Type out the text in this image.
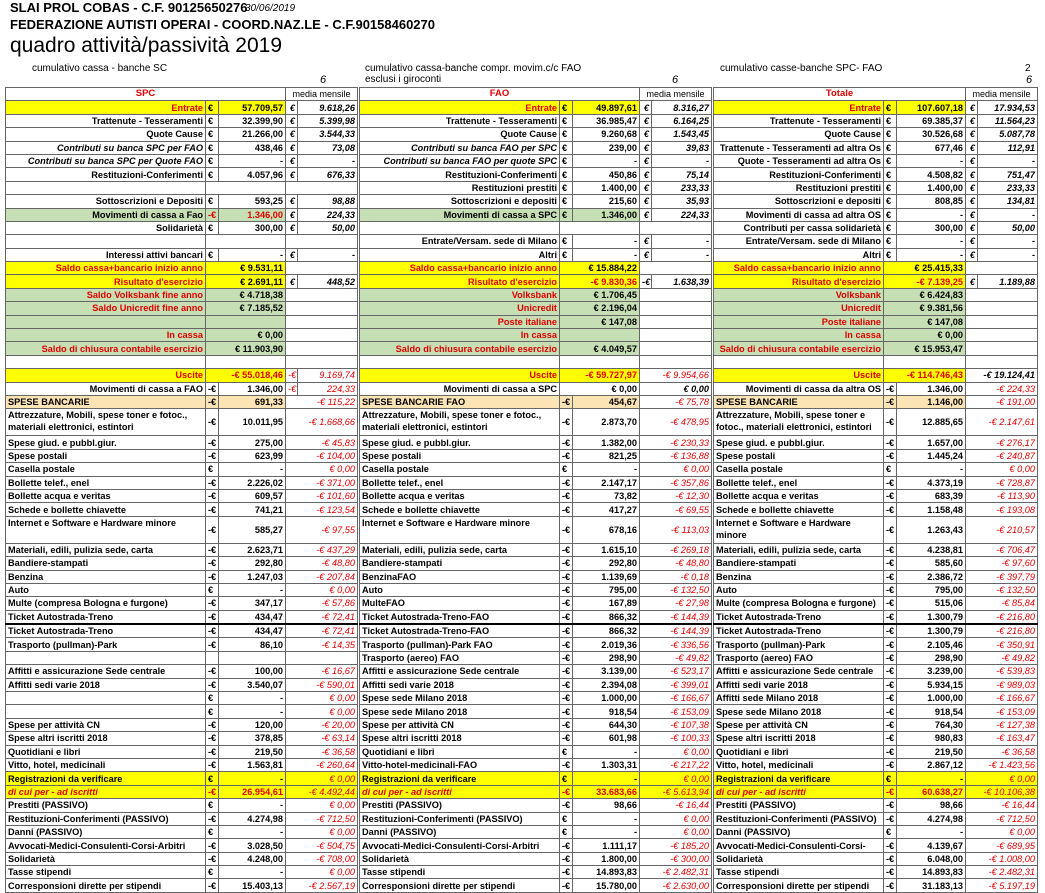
SLAI PROL COBAS - C.F. 90125650276
30/06/2019
FEDERAZIONE AUTISTI OPERAI - COORD.NAZ.LE - C.F.90158460270
quadro attività/passività 2019
cumulativo cassa - banche SC	cumulativo cassa-banche compr. movim.c/c FAO
esclusi i giroconti
cumulativo casse-banche SPC- FAO	2
6	6	6
SPC			media mensile	
Entrate	€	57.709,57	€	9.618,26
Trattenute - Tesseramenti	€	32.399,90	€	5.399,98
Quote Cause	€	21.266,00	€	3.544,33
Contributi su banca SPC per FAO	€	438,46	€	73,08
Contributi su banca SPC per Quote FAO	€	-	€	-
Restituzioni-Conferimenti	€	4.057,96	€	676,33

Sottoscrizioni e Depositi	€	593,25	€	98,88
Movimenti di cassa a Fao	-€	1.346,00	€	224,33
Solidarietà	€	300,00	€	50,00

Interessi attivi bancari	€	-	€	-
Saldo cassa+bancario inizio anno	€ 9.531,11			
Risultato d'esercizio	€ 2.691,11		€	448,52
Saldo Volksbank fine anno	€ 4.718,38			
Saldo Unicredit fine anno	€ 7.185,52			

In cassa	€ 0,00			
Saldo di chiusura contabile esercizio	€ 11.903,90			

Uscite	-€ 55.018,46		-€	9.169,74
Movimenti di cassa a FAO	-€	1.346,00	-€	224,33
SPESE BANCARIE	-€	691,33	-€ 115,22	
Attrezzature, Mobili, spese toner e fotoc., materiali elettronici, estintori	-€	10.011,95	-€ 1.668,66	
Spese giud. e pubbl.giur.	-€	275,00	-€ 45,83	
Spese postali	-€	623,99	-€ 104,00	
Casella postale	€	-	€ 0,00	
Bollette telef., enel	-€	2.226,02	-€ 371,00	
Bollette acqua e veritas	-€	609,57	-€ 101,60	
Schede e bollette chiavette	-€	741,21	-€ 123,54	
Internet e Software e Hardware minore	-€	585,27	-€ 97,55	
Materiali, edili, pulizia sede, carta	-€	2.623,71	-€ 437,29	
Bandiere-stampati	-€	292,80	-€ 48,80	
Benzina	-€	1.247,03	-€ 207,84	
Auto	€	-	€ 0,00	
Multe (compresa Bologna e furgone)	-€	347,17	-€ 57,86	
Ticket Autostrada-Treno	-€	434,47	-€ 72,41	
Ticket Autostrada-Treno	-€	434,47	-€ 72,41	
Trasporto (pullman)-Park	-€	86,10	-€ 14,35	

Affitti e assicurazione Sede centrale	-€	100,00	-€ 16,67	
Affitti sedi varie 2018	-€	3.540,07	-€ 590,01	
	€	-	€ 0,00	
	€	-	€ 0,00	
Spese per attività CN	-€	120,00	-€ 20,00	
Spese altri iscritti 2018	-€	378,85	-€ 63,14	
Quotidiani e libri	-€	219,50	-€ 36,58	
Vitto, hotel, medicinali	-€	1.563,81	-€ 260,64	
Registrazioni da verificare	€	-	€ 0,00	
di cui per - ad iscritti	-€	26.954,61	-€ 4.492,44	
Prestiti (PASSIVO)	€	-	€ 0,00	
Restituzioni-Conferimenti (PASSIVO)	-€	4.274,98	-€ 712,50	
Danni (PASSIVO)	€	-	€ 0,00	
Avvocati-Medici-Consulenti-Corsi-Arbitri	-€	3.028,50	-€ 504,75	
Solidarietà	-€	4.248,00	-€ 708,00	
Tasse stipendi	€	-	€ 0,00	
Corresponsioni dirette per stipendi	-€	15.403,13	-€ 2.567,19	
FAO			media mensile	
Entrate	€	49.897,61	€	8.316,27
Trattenute - Tesseramenti	€	36.985,47	€	6.164,25
Quote Cause	€	9.260,68	€	1.543,45
Contributi su banca FAO per SPC	€	239,00	€	39,83
Contributi su banca FAO per quote SPC	€	-	€	-
Restituzioni-Conferimenti	€	450,86	€	75,14
Restituzioni prestiti	€	1.400,00	€	233,33
Sottoscrizioni e depositi	€	215,60	€	35,93
Movimenti di cassa a SPC	€	1.346,00	€	224,33

Entrate/Versam. sede di Milano	€	-	€	-
Altri	€	-	€	-
Saldo cassa+bancario inizio anno	€ 15.884,22			
Risultato d'esercizio	-€ 9.830,36		-€	1.638,39
Volksbank	€ 1.706,45			
Unicredit	€ 2.196,04			
Poste italiane	€ 147,08			
In cassa				
Saldo di chiusura contabile esercizio	€ 4.049,57			

Uscite	-€ 59.727,97		-€ 9.954,66	
Movimenti di cassa a SPC	€ 0,00		€ 0,00	
SPESE BANCARIE FAO	-€	454,67	-€ 75,78	
Attrezzature, Mobili, spese toner e fotoc., materiali elettronici, estintori	-€	2.873,70	-€ 478,95	
Spese giud. e pubbl.giur.	-€	1.382,00	-€ 230,33	
Spese postali	-€	821,25	-€ 136,88	
Casella postale	€	-	€ 0,00	
Bollette telef., enel	-€	2.147,17	-€ 357,86	
Bollette acqua e veritas	-€	73,82	-€ 12,30	
Schede e bollette chiavette	-€	417,27	-€ 69,55	
Internet e Software e Hardware minore	-€	678,16	-€ 113,03	
Materiali, edili, pulizia sede, carta	-€	1.615,10	-€ 269,18	
Bandiere-stampati	-€	292,80	-€ 48,80	
BenzinaFAO	-€	1.139,69	-€ 0,18	
Auto	-€	795,00	-€ 132,50	
MulteFAO	-€	167,89	-€ 27,98	
Ticket Autostrada-Treno-FAO	-€	866,32	-€ 144,39	
Ticket Autostrada-Treno-FAO	-€	866,32	-€ 144,39	
Trasporto (pullman)-Park FAO	-€	2.019,36	-€ 336,56	
Trasporto (aereo) FAO	-€	298,90	-€ 49,82	
Affitti e assicurazione Sede centrale	-€	3.139,00	-€ 523,17	
Affitti sedi varie 2018	-€	2.394,08	-€ 399,01	
Spese sede Milano 2018	-€	1.000,00	-€ 166,67	
Spese sede Milano 2018	-€	918,54	-€ 153,09	
Spese per attività CN	-€	644,30	-€ 107,38	
Spese altri iscritti 2018	-€	601,98	-€ 100,33	
Quotidiani e libri	€	-	€ 0,00	
Vitto-hotel-medicinali-FAO	-€	1.303,31	-€ 217,22	
Registrazioni da verificare	€	-	€ 0,00	
di cui per - ad iscritti	-€	33.683,66	-€ 5.613,94	
Prestiti (PASSIVO)	-€	98,66	-€ 16,44	
Restituzioni-Conferimenti (PASSIVO)	€	-	€ 0,00	
Danni (PASSIVO)	€	-	€ 0,00	
Avvocati-Medici-Consulenti-Corsi-Arbitri	-€	1.111,17	-€ 185,20	
Solidarietà	-€	1.800,00	-€ 300,00	
Tasse stipendi	-€	14.893,83	-€ 2.482,31	
Corresponsioni dirette per stipendi	-€	15.780,00	-€ 2.630,00	
Totale			media mensile	
Entrate	€	107.607,18	€	17.934,53
Trattenute - Tesseramenti	€	69.385,37	€	11.564,23
Quote Cause	€	30.526,68	€	5.087,78
Trattenute - Tesseramenti ad altra Os	€	677,46	€	112,91
Quote - Tesseramenti ad altra Os	€	-	€	-
Restituzioni-Conferimenti	€	4.508,82	€	751,47
Restituzioni prestiti	€	1.400,00	€	233,33
Sottoscrizioni e depositi	€	808,85	€	134,81
Movimenti di cassa ad altra OS	€	-	€	-
Contributi per cassa solidarietà	€	300,00	€	50,00
Entrate/Versam. sede di Milano	€	-	€	-
Altri	€	-	€	-
Saldo cassa+bancario inizio anno	€ 25.415,33			
Risultato d'esercizio	-€ 7.139,25		€	1.189,88
Volksbank	€ 6.424,83			
Unicredit	€ 9.381,56			
Poste italiane	€ 147,08			
In cassa	€ 0,00			
Saldo di chiusura contabile esercizio	€ 15.953,47			

Uscite	-€ 114.746,43		-€ 19.124,41	
Movimenti di cassa da altra OS	-€	1.346,00	-€ 224,33	
SPESE BANCARIE	-€	1.146,00	-€ 191,00	
Attrezzature, Mobili, spese toner e fotoc., materiali elettronici, estintori	-€	12.885,65	-€ 2.147,61	
Spese giud. e pubbl.giur.	-€	1.657,00	-€ 276,17	
Spese postali	-€	1.445,24	-€ 240,87	
Casella postale	€	-	€ 0,00	
Bollette telef., enel	-€	4.373,19	-€ 728,87	
Bollette acqua e veritas	-€	683,39	-€ 113,90	
Schede e bollette chiavette	-€	1.158,48	-€ 193,08	
Internet e Software e Hardware minore	-€	1.263,43	-€ 210,57	
Materiali, edili, pulizia sede, carta	-€	4.238,81	-€ 706,47	
Bandiere-stampati	-€	585,60	-€ 97,60	
Benzina	-€	2.386,72	-€ 397,79	
Auto	-€	795,00	-€ 132,50	
Multe (compresa Bologna e furgone)	-€	515,06	-€ 85,84	
Ticket Autostrada-Treno	-€	1.300,79	-€ 216,80	
Ticket Autostrada-Treno	-€	1.300,79	-€ 216,80	
Trasporto (pullman)-Park	-€	2.105,46	-€ 350,91	
Trasporto (aereo) FAO	-€	298,90	-€ 49,82	
Affitti e assicurazione Sede centrale	-€	3.239,00	-€ 539,83	
Affitti sedi varie 2018	-€	5.934,15	-€ 989,03	
Affitti sede Milano 2018	-€	1.000,00	-€ 166,67	
Spese sede Milano 2018	-€	918,54	-€ 153,09	
Spese per attività CN	-€	764,30	-€ 127,38	
Spese altri iscritti 2018	-€	980,83	-€ 163,47	
Quotidiani e libri	-€	219,50	-€ 36,58	
Vitto, hotel, medicinali	-€	2.867,12	-€ 1.423,56	
Registrazioni da verificare	€	-	€ 0,00	
di cui per - ad iscritti	-€	60.638,27	-€ 10.106,38	
Prestiti (PASSIVO)	-€	98,66	-€ 16,44	
Restituzioni-Conferimenti (PASSIVO)	-€	4.274,98	-€ 712,50	
Danni (PASSIVO)	€	-	€ 0,00	
Avvocati-Medici-Consulenti-Corsi-	-€	4.139,67	-€ 689,95	
Solidarietà	-€	6.048,00	-€ 1.008,00	
Tasse stipendi	-€	14.893,83	-€ 2.482,31	
Corresponsioni dirette per stipendi	-€	31.183,13	-€ 5.197,19	
